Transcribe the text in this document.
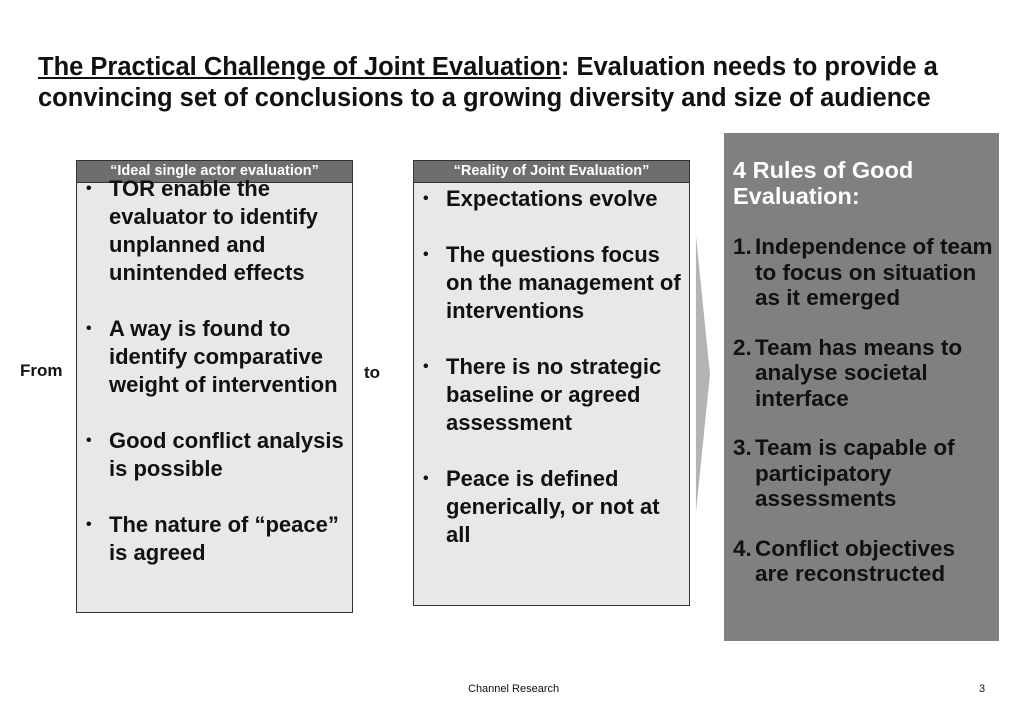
The Practical Challenge of Joint Evaluation: Evaluation needs to provide a convincing set of conclusions to a growing diversity and size of audience
From	to
“Ideal single actor evaluation”
• TOR enable the evaluator to identify unplanned and unintended effects
• A way is found to identify comparative weight of intervention
• Good conflict analysis is possible
• The nature of “peace” is agreed
“Reality of Joint Evaluation”
• Expectations evolve
• The questions focus on the management of interventions
• There is no strategic baseline or agreed assessment
• Peace is defined generically, or not at all
4 Rules of Good Evaluation:
1. Independence of team to focus on situation as it emerged
2. Team has means to analyse societal interface
3. Team is capable of participatory assessments
4. Conflict objectives are reconstructed
Channel Research	3
